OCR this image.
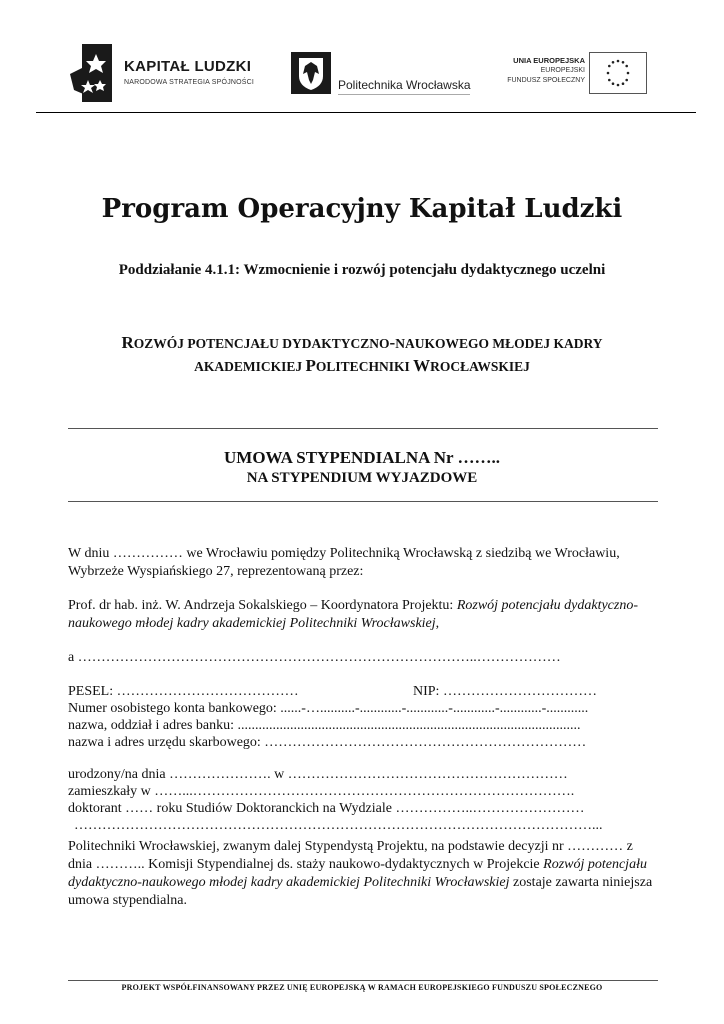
KAPITAŁ LUDZKI
NARODOWA STRATEGIA SPÓJNOŚCI	Politechnika Wrocławska
UNIA EUROPEJSKA
EUROPEJSKI
FUNDUSZ SPOŁECZNY
Program Operacyjny Kapitał Ludzki
Poddziałanie 4.1.1: Wzmocnienie i rozwój potencjału dydaktycznego uczelni
ROZWÓJ POTENCJAŁU DYDAKTYCZNO-NAUKOWEGO MŁODEJ KADRY
AKADEMICKIEJ POLITECHNIKI WROCŁAWSKIEJ
UMOWA STYPENDIALNA Nr ……..
NA STYPENDIUM WYJAZDOWE
W dniu …………… we Wrocławiu pomiędzy Politechniką Wrocławską z siedzibą we Wrocławiu, Wybrzeże Wyspiańskiego 27, reprezentowaną przez:
Prof. dr hab. inż. W. Andrzeja Sokalskiego – Koordynatora Projektu: Rozwój potencjału dydaktyczno-naukowego młodej kadry akademickiej Politechniki Wrocławskiej,
a …………………………………………………………………………..………………
PESEL: …………………………………	NIP: ……………………………
Numer osobistego konta bankowego: ......-…..........-............-............-............-............-............
nazwa, oddział i adres banku: ..................................................................................................
nazwa i adres urzędu skarbowego: ……………………………………………………………
urodzony/na dnia …………………. w ……………………………………………………
zamieszkały w ……...……………………………………………………………………….
doktorant …… roku Studiów Doktoranckich na Wydziale ……………..……………………
…………………………………………………………………………………………………...
Politechniki Wrocławskiej, zwanym dalej Stypendystą Projektu, na podstawie decyzji nr ………… z dnia ……….. Komisji Stypendialnej ds. staży naukowo-dydaktycznych w Projekcie Rozwój potencjału dydaktyczno-naukowego młodej kadry akademickiej Politechniki Wrocławskiej zostaje zawarta niniejsza umowa stypendialna.
PROJEKT WSPÓŁFINANSOWANY PRZEZ UNIĘ EUROPEJSKĄ W RAMACH EUROPEJSKIEGO FUNDUSZU SPOŁECZNEGO
